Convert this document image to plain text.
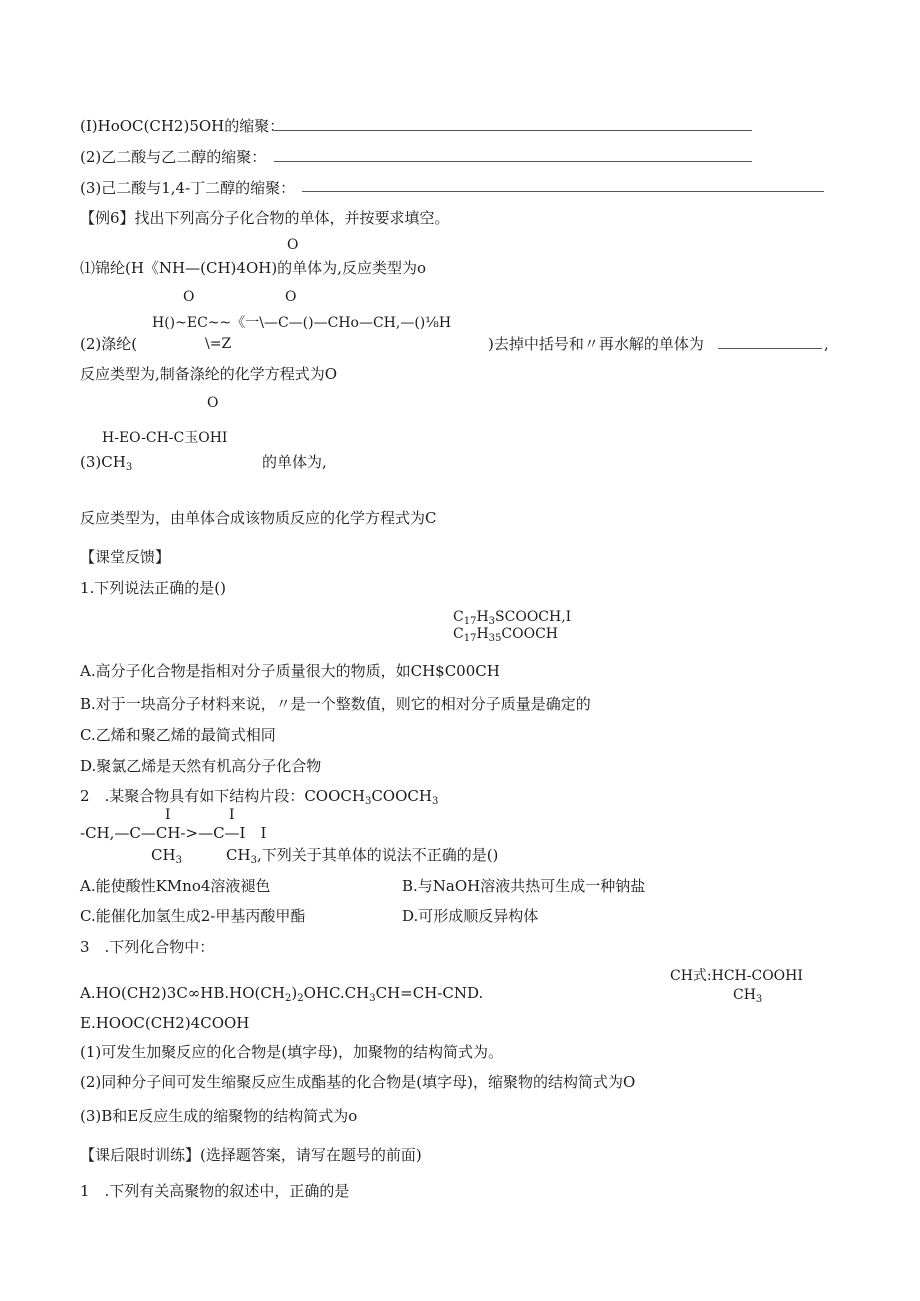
(I)HoOC(CH2)5OH的缩聚：
(2)乙二酸与乙二醇的缩聚：
(3)己二酸与1,4-丁二醇的缩聚：
【例6】找出下列高分子化合物的单体，并按要求填空。
O
⑴锦纶(H《NH—(CH)4OH)的单体为,反应类型为o
O	O
H()~EC~~《一\—C—()—CHo—CH,—()⅛H
(2)涤纶(	\=Z	)去掉中括号和〃再水解的单体为	,
反应类型为,制备涤纶的化学方程式为O
O
H-EO-CH-C玉OHI
$(3)CH_3$	的单体为,
反应类型为，由单体合成该物质反应的化学方程式为C
【课堂反馈】
1.下列说法正确的是()
$C_{17}H_3SCOOCH,I$
$C_{17}H_{35}COOCH$
A.高分子化合物是指相对分子质量很大的物质，如CH$C00CH
B.对于一块高分子材料来说，〃是一个整数值，则它的相对分子质量是确定的
C.乙烯和聚乙烯的最简式相同
D.聚氯乙烯是天然有机高分子化合物
2 .某聚合物具有如下结构片段：$COOCH_3COOCH_3$
I	I
-CH,—C—CH->—C—I I
$CH_3$	$CH_3$,下列关于其单体的说法不正确的是()
A.能使酸性KMno4溶液褪色	B.与NaOH溶液共热可生成一种钠盐
C.能催化加氢生成2-甲基丙酸甲酯	D.可形成顺反异构体
3 .下列化合物中：
CH式:HCH-COOHI
$CH_3$
$A.HO(CH2)3C\infty HB.HO(CH_2)_2OHC.CH_3CH=CH$-CND.
E.HOOC(CH2)4COOH
(1)可发生加聚反应的化合物是(填字母)，加聚物的结构简式为。
(2)同种分子间可发生缩聚反应生成酯基的化合物是(填字母)，缩聚物的结构简式为O
(3)B和E反应生成的缩聚物的结构简式为o
【课后限时训练】(选择题答案，请写在题号的前面)
1 .下列有关高聚物的叙述中，正确的是
